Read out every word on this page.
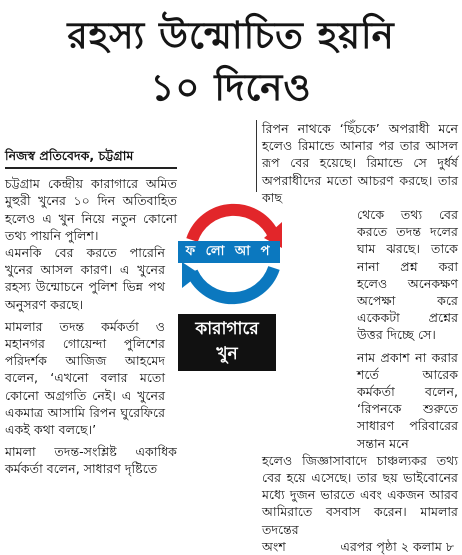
রহস্য উন্মোচিত হয়নি
১০ দিনেও

নিজস্ব প্রতিবেদক, চট্টগ্রাম

চট্টগ্রাম কেন্দ্রীয় কারাগারে অমিত মুহুরী খুনের ১০ দিন অতিবাহিত হলেও এ খুন নিয়ে নতুন কোনো তথ্য পায়নি পুলিশ।

এমনকি বের করতে পারেনি খুনের আসল কারণ। এ খুনের রহস্য উন্মোচনে পুলিশ ভিন্ন পথ অনুসরণ করছে।

মামলার তদন্ত কর্মকর্তা ও মহানগর গোয়েন্দা পুলিশের পরিদর্শক আজিজ আহমেদ বলেন, ‘এখনো বলার মতো কোনো অগ্রগতি নেই। এ খুনের একমাত্র আসামি রিপন ঘুরেফিরে একই কথা বলছে।’

মামলা তদন্ত-সংশ্লিষ্ট একাধিক কর্মকর্তা বলেন, সাধারণ দৃষ্টিতে

রিপন নাথকে ‘ছিঁচকে’ অপরাধী মনে হলেও রিমান্ডে আনার পর তার আসল রূপ বের হয়েছে। রিমান্ডে সে দুর্ধর্ষ অপরাধীদের মতো আচরণ করছে। তার কাছ

থেকে তথ্য বের করতে তদন্ত দলের ঘাম ঝরছে। তাকে নানা প্রশ্ন করা হলেও অনেকক্ষণ অপেক্ষা করে একেকটা প্রশ্নের উত্তর দিচ্ছে সে।

নাম প্রকাশ না করার শর্তে আরেক কর্মকর্তা বলেন, ‘রিপনকে শুরুতে সাধারণ পরিবারের সন্তান মনে

হলেও জিজ্ঞাসাবাদে চাঞ্চল্যকর তথ্য বের হয়ে এসেছে। তার ছয় ভাইবোনের মধ্যে দুজন ভারতে এবং একজন আরব আমিরাতে বসবাস করেন। মামলার তদন্তের

অংশ	এরপর পৃষ্ঠা ২ কলাম ৮

ফ লো আ প
কারাগারে
খুন
